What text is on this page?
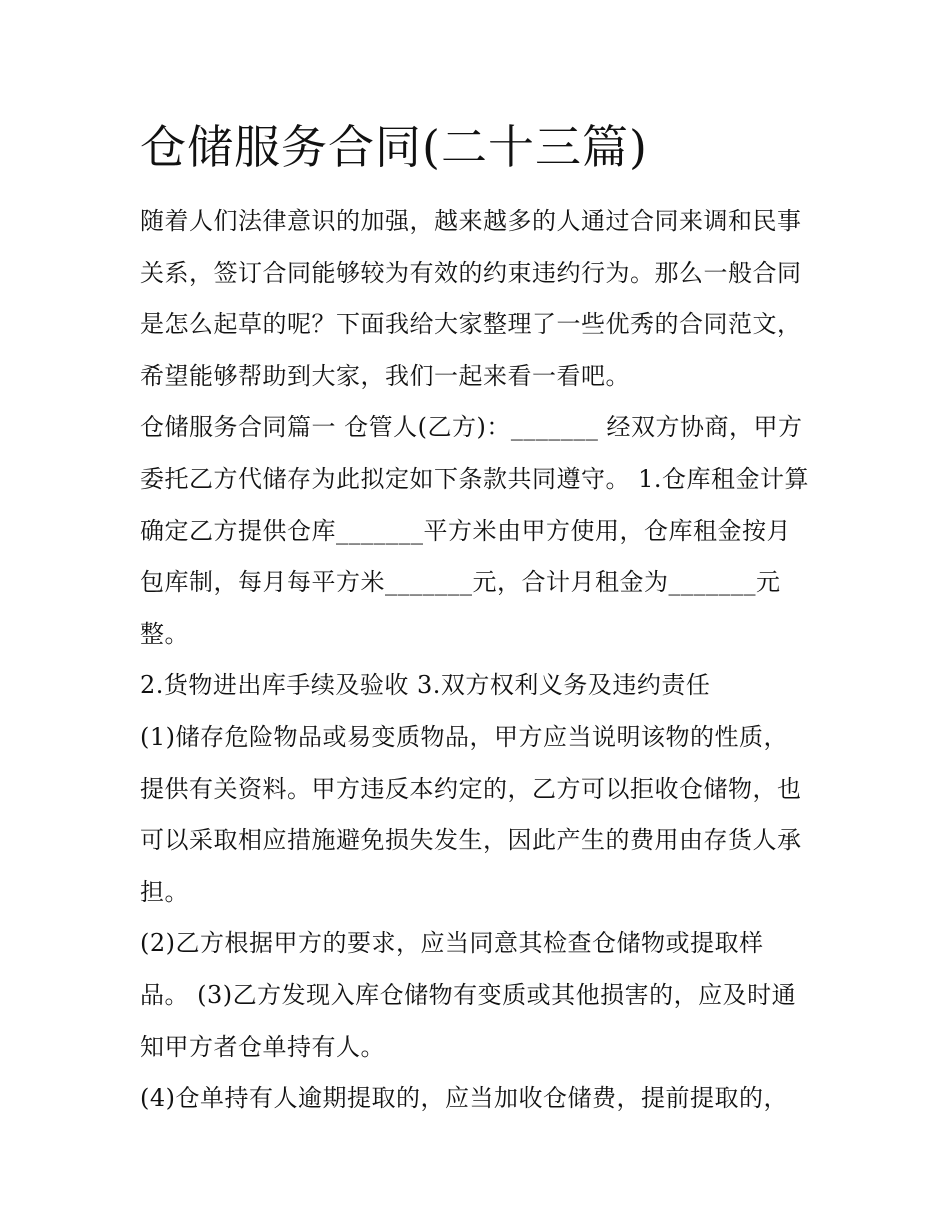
仓储服务合同(二十三篇)
随着人们法律意识的加强，越来越多的人通过合同来调和民事
关系，签订合同能够较为有效的约束违约行为。那么一般合同
是怎么起草的呢？下面我给大家整理了一些优秀的合同范文，
希望能够帮助到大家，我们一起来看一看吧。
仓储服务合同篇一 仓管人(乙方)：_______ 经双方协商，甲方
委托乙方代储存为此拟定如下条款共同遵守。 1.仓库租金计算
确定乙方提供仓库_______平方米由甲方使用，仓库租金按月
包库制，每月每平方米_______元，合计月租金为_______元
整。
2.货物进出库手续及验收 3.双方权利义务及违约责任
(1)储存危险物品或易变质物品，甲方应当说明该物的性质，
提供有关资料。甲方违反本约定的，乙方可以拒收仓储物，也
可以采取相应措施避免损失发生，因此产生的费用由存货人承
担。
(2)乙方根据甲方的要求，应当同意其检查仓储物或提取样
品。 (3)乙方发现入库仓储物有变质或其他损害的，应及时通
知甲方者仓单持有人。
(4)仓单持有人逾期提取的，应当加收仓储费，提前提取的，
